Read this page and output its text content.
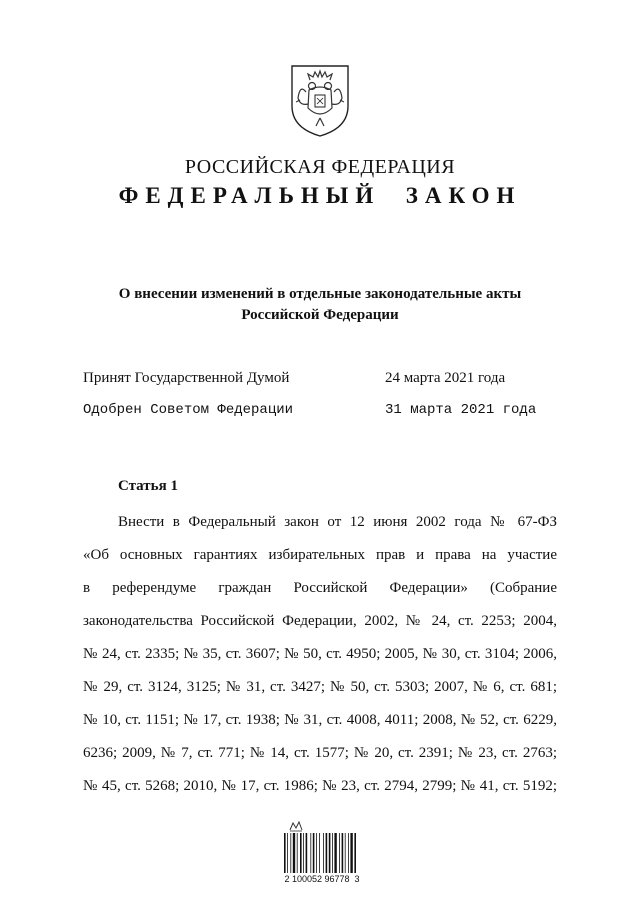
РОССИЙСКАЯ ФЕДЕРАЦИЯ
ФЕДЕРАЛЬНЫЙ  ЗАКОН
О внесении изменений в отдельные законодательные акты
Российской Федерации
Принят Государственной Думой	24 марта 2021 года
Одобрен Советом Федерации	31 марта 2021 года
Статья 1
Внести в Федеральный закон от 12 июня 2002 года № 67-ФЗ
«Об основных гарантиях избирательных прав и права на участие
в референдуме граждан Российской Федерации» (Собрание
законодательства Российской Федерации, 2002, № 24, ст. 2253; 2004,
№ 24, ст. 2335; № 35, ст. 3607; № 50, ст. 4950; 2005, № 30, ст. 3104; 2006,
№ 29, ст. 3124, 3125; № 31, ст. 3427; № 50, ст. 5303; 2007, № 6, ст. 681;
№ 10, ст. 1151; № 17, ст. 1938; № 31, ст. 4008, 4011; 2008, № 52, ст. 6229,
6236; 2009, № 7, ст. 771; № 14, ст. 1577; № 20, ст. 2391; № 23, ст. 2763;
№ 45, ст. 5268; 2010, № 17, ст. 1986; № 23, ст. 2794, 2799; № 41, ст. 5192;
2 100052 96778  3
